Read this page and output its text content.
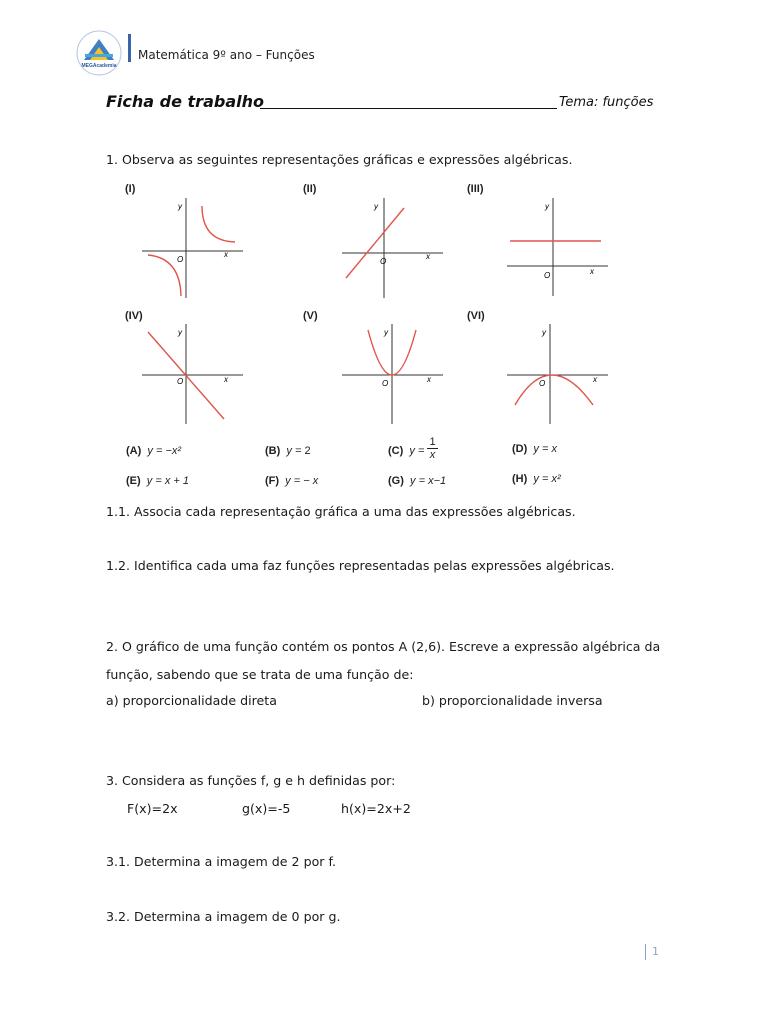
MEGAcademia
Matemática 9º ano – Funções
Ficha de trabalho	Tema: funções
1. Observa as seguintes representações gráficas e expressões algébricas.
(I)	(II)	(III)
(IV)	(V)	(VI)
y
x
O
y
x
O
y
x
O
y
x
O
y
x
O
y
x
O
(A) y = −x²	(B) y = 2	(C) $y = \frac{1}{x}$	(D) y = x
(E) y = x + 1	(F) y = − x	(G) y = x−1	(H) y = x²
1.1. Associa cada representação gráfica a uma das expressões algébricas.
1.2. Identifica cada uma faz funções representadas pelas expressões algébricas.
2. O gráfico de uma função contém os pontos A (2,6). Escreve a expressão algébrica da
função, sabendo que se trata de uma função de:
a) proporcionalidade direta	b) proporcionalidade inversa
3. Considera as funções f, g e h definidas por:
F(x)=2x	g(x)=-5	h(x)=2x+2
3.1. Determina a imagem de 2 por f.
3.2. Determina a imagem de 0 por g.
1
